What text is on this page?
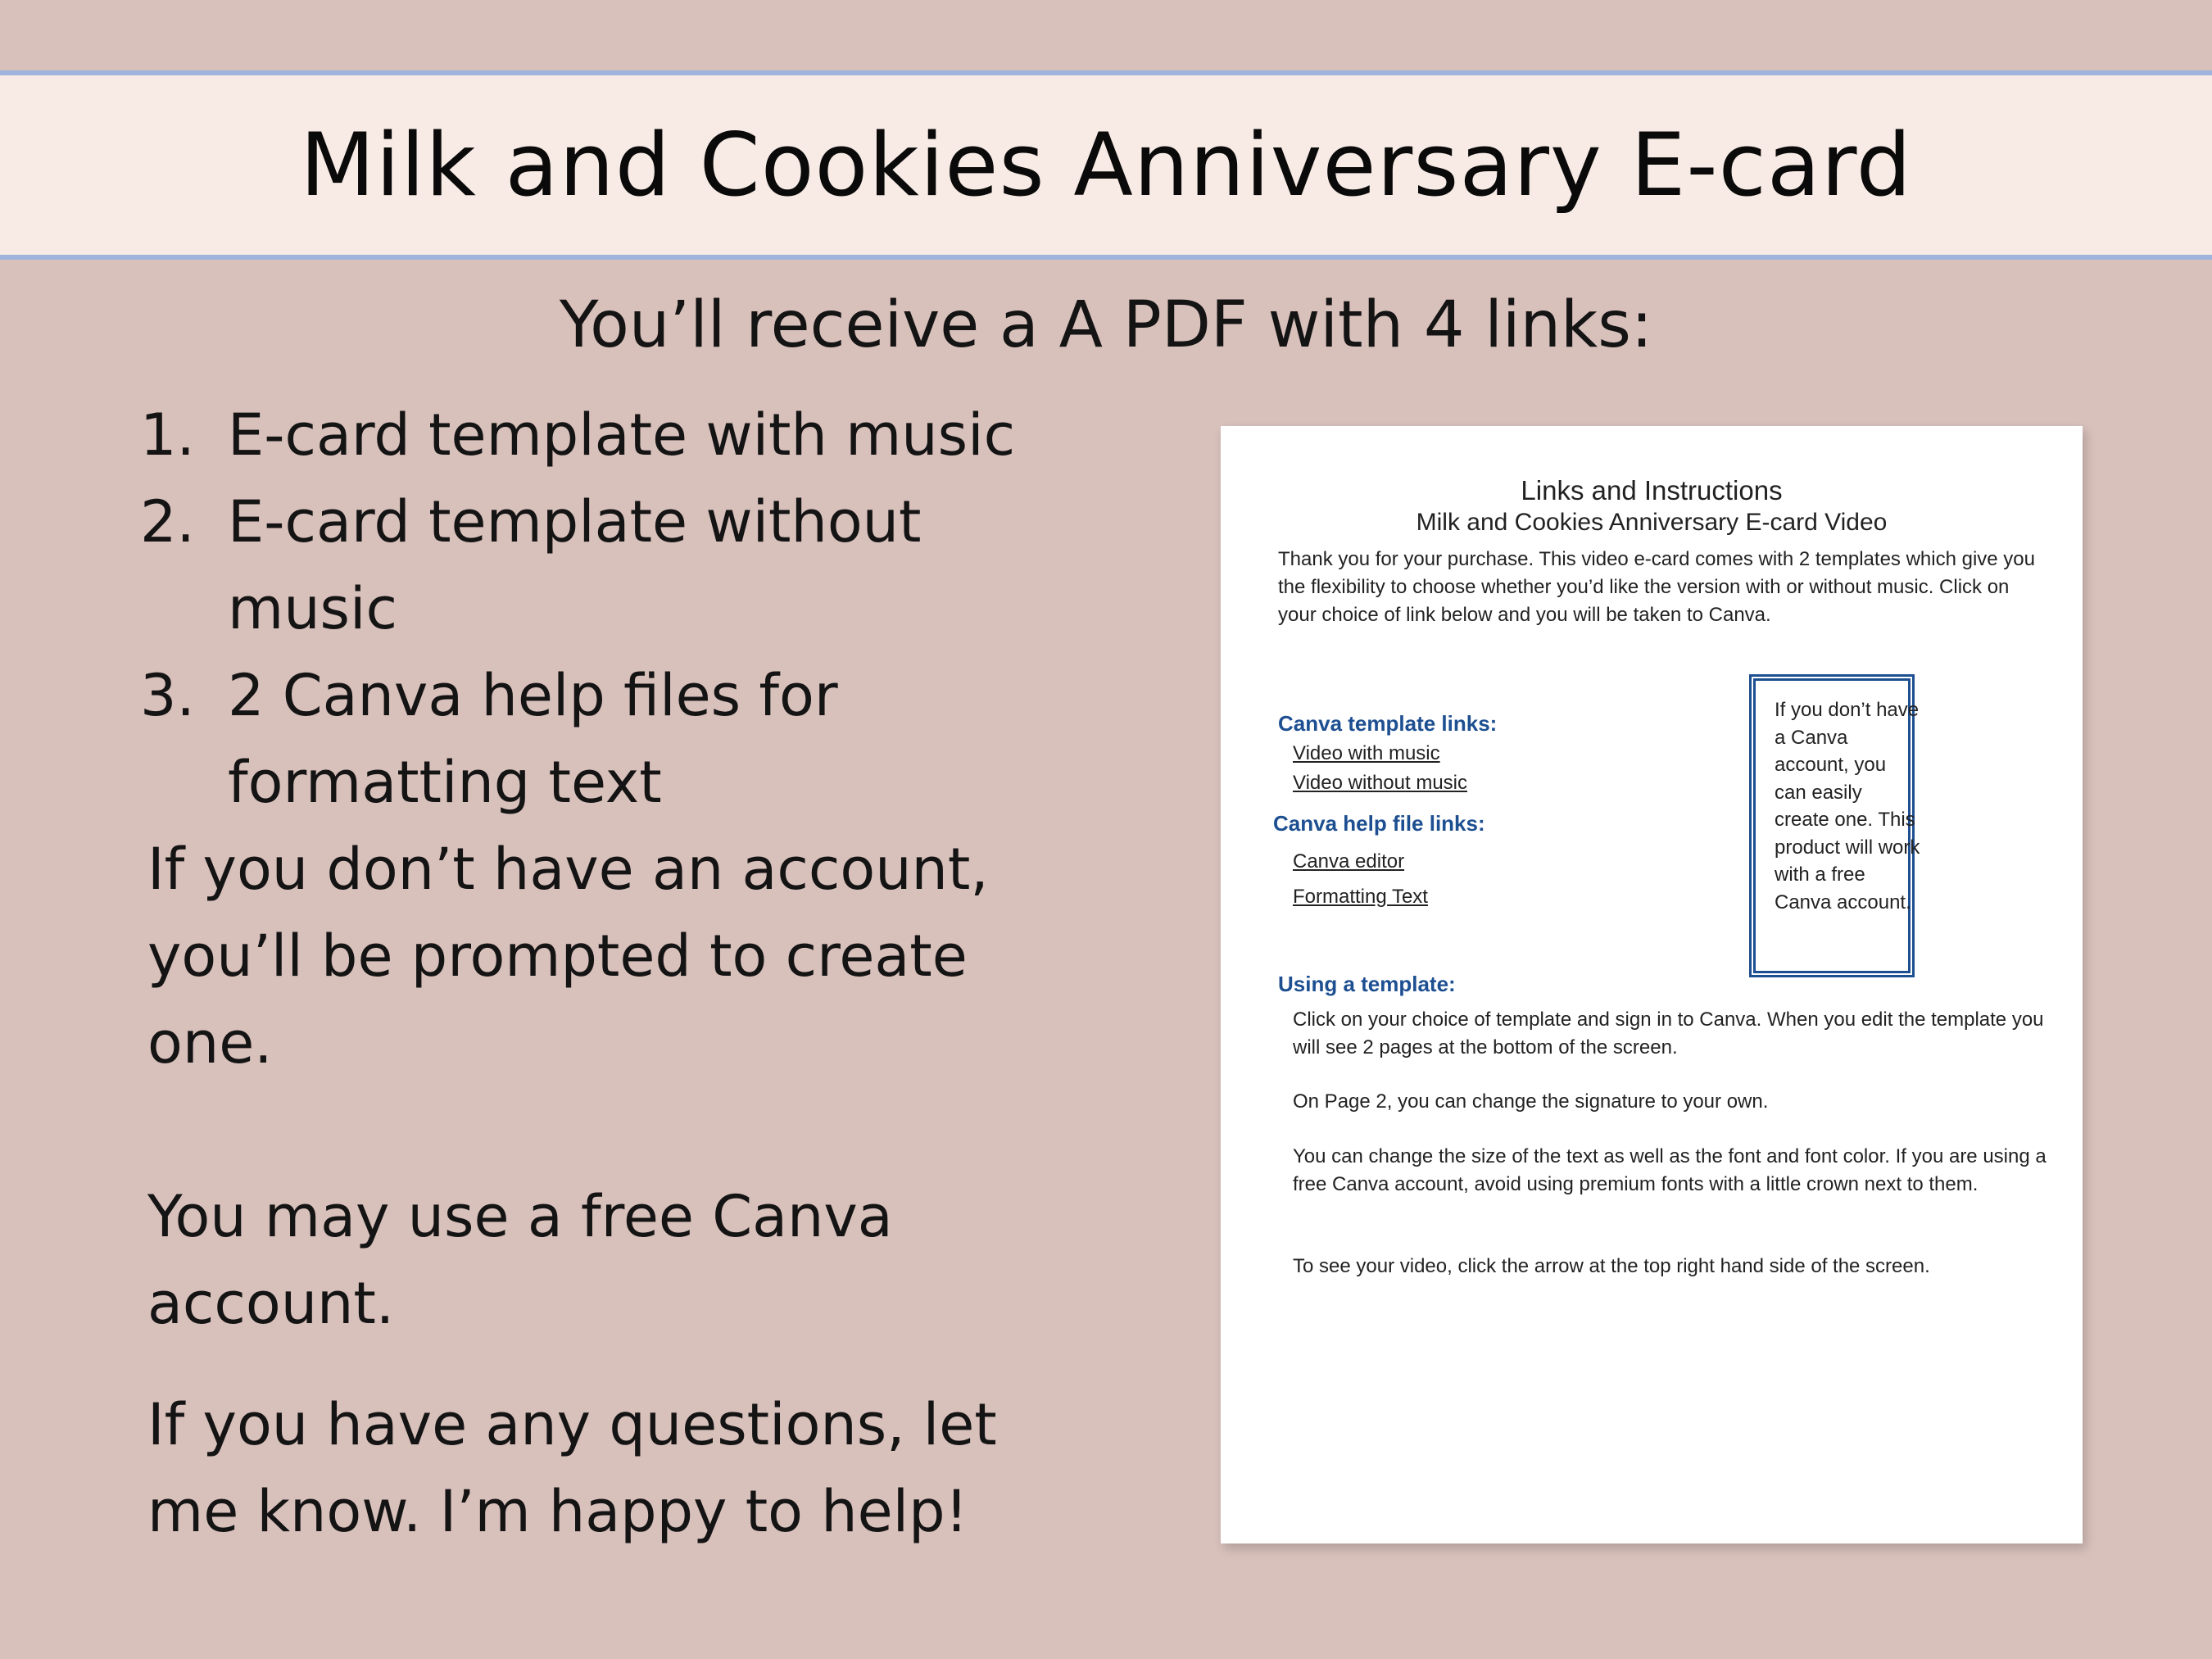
Milk and Cookies Anniversary E-card
You’ll receive a A PDF with 4 links:
1. E-card template with music
2. E-card template without music
3. 2 Canva help files for formatting text

If you don’t have an account, you’ll be prompted to create one.

You may use a free Canva account.

If you have any questions, let me know. I’m happy to help!

Links and Instructions
Milk and Cookies Anniversary E-card Video
Thank you for your purchase. This video e-card comes with 2 templates which give you the flexibility to choose whether you’d like the version with or without music. Click on your choice of link below and you will be taken to Canva.
Canva template links:
Video with music
Video without music
Canva help file links:
Canva editor
Formatting Text
If you don’t have a Canva account, you can easily create one. This product will work with a free Canva account.
Using a template:
Click on your choice of template and sign in to Canva. When you edit the template you will see 2 pages at the bottom of the screen.
On Page 2, you can change the signature to your own.
You can change the size of the text as well as the font and font color. If you are using a free Canva account, avoid using premium fonts with a little crown next to them.
To see your video, click the arrow at the top right hand side of the screen.
